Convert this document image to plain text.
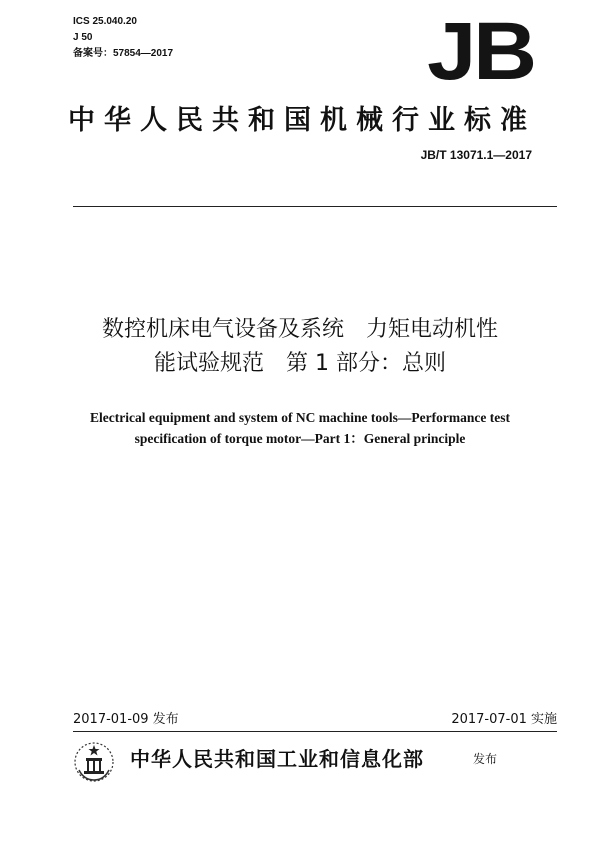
ICS 25.040.20
J 50
备案号：57854—2017	JB
中华人民共和国机械行业标准
JB/T 13071.1—2017
数控机床电气设备及系统　力矩电动机性
能试验规范　第 1 部分：总则
Electrical equipment and system of NC machine tools—Performance test
specification of torque motor—Part 1：General principle
2017-01-09 发布	2017-07-01 实施
中华人民共和国工业和信息化部	发布
